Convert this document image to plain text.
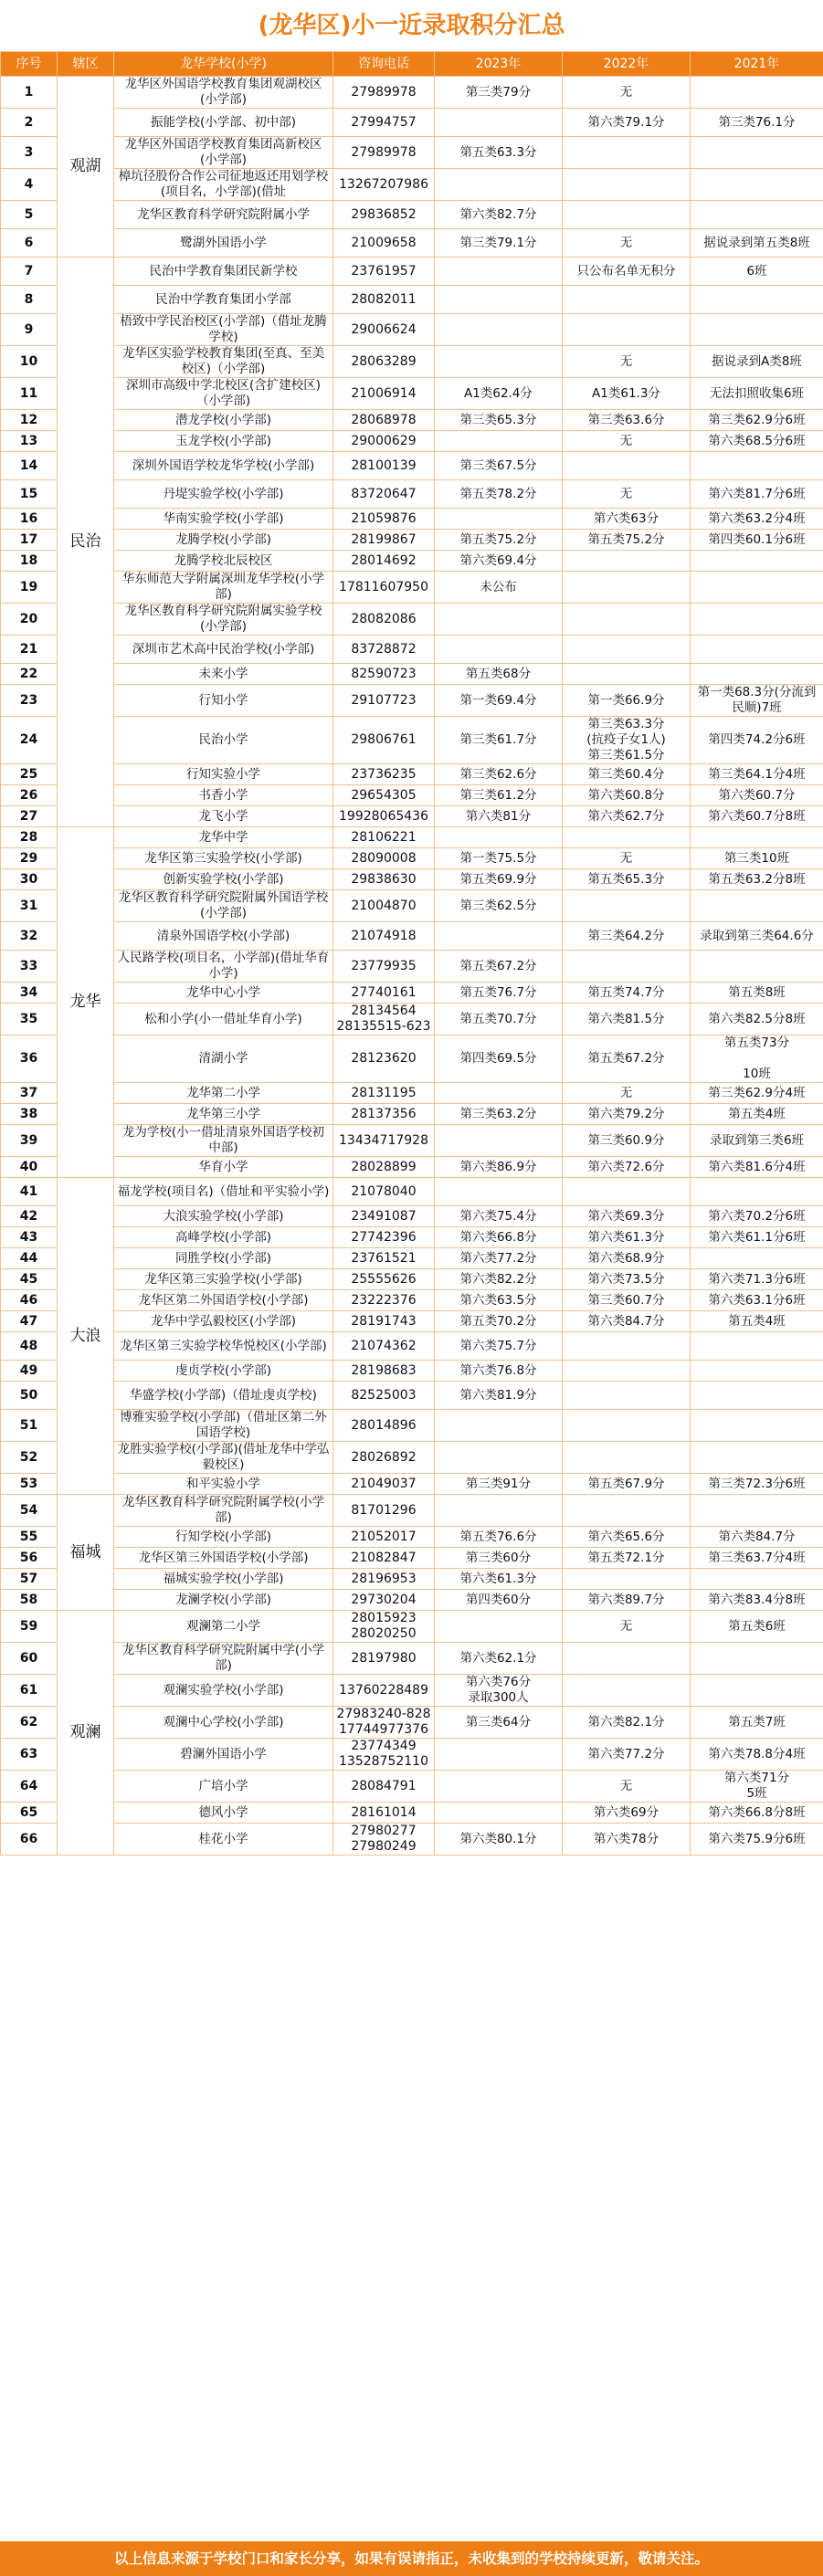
(龙华区)小一近录取积分汇总
序号	辖区	龙华学校(小学)	咨询电话	2023年	2022年	2021年
1	观湖	龙华区外国语学校教育集团观湖校区(小学部)	27989978	第三类79分	无	
2		振能学校(小学部、初中部)	27994757		第六类79.1分	第三类76.1分
3		龙华区外国语学校教育集团高新校区(小学部)	27989978	第五类63.3分		
4		樟坑径股份合作公司征地返还用划学校(项目名，小学部)(借址	13267207986			
5		龙华区教育科学研究院附属小学	29836852	第六类82.7分		
6		鹭湖外国语小学	21009658	第三类79.1分	无	据说录到第五类8班
7	民治	民治中学教育集团民新学校	23761957		只公布名单无积分	6班
8		民治中学教育集团小学部	28082011			
9		梧致中学民治校区(小学部)（借址龙腾学校)	29006624			
10		龙华区实验学校教育集团(至真、至美校区)（小学部)	28063289		无	据说录到A类8班
11		深圳市高级中学北校区(含扩建校区)（小学部)	21006914	A1类62.4分	A1类61.3分	无法扣照收集6班
12		潜龙学校(小学部)	28068978	第三类65.3分	第三类63.6分	第三类62.9分6班
13		玉龙学校(小学部)	29000629		无	第六类68.5分6班
14		深圳外国语学校龙华学校(小学部)	28100139	第三类67.5分		
15		丹堤实验学校(小学部)	83720647	第五类78.2分	无	第六类81.7分6班
16		华南实验学校(小学部)	21059876		第六类63分	第六类63.2分4班
17		龙腾学校(小学部)	28199867	第五类75.2分	第五类75.2分	第四类60.1分6班
18		龙腾学校北辰校区	28014692	第六类69.4分		
19		华东师范大学附属深圳龙华学校(小学部)	17811607950	未公布		
20		龙华区教育科学研究院附属实验学校(小学部)	28082086			
21		深圳市艺术高中民治学校(小学部)	83728872			
22		未来小学	82590723	第五类68分		
23		行知小学	29107723	第一类69.4分	第一类66.9分	第一类68.3分(分流到民顺)7班
24		民治小学	29806761	第三类61.7分	第三类63.3分
(抗疫子女1人)
第三类61.5分	第四类74.2分6班
25		行知实验小学	23736235	第三类62.6分	第三类60.4分	第三类64.1分4班
26		书香小学	29654305	第三类61.2分	第六类60.8分	第六类60.7分
27		龙飞小学	19928065436	第六类81分	第六类62.7分	第六类60.7分8班
28	龙华	龙华中学	28106221			
29		龙华区第三实验学校(小学部)	28090008	第一类75.5分	无	第三类10班
30		创新实验学校(小学部)	29838630	第五类69.9分	第五类65.3分	第五类63.2分8班
31		龙华区教育科学研究院附属外国语学校(小学部)	21004870	第三类62.5分		
32		清泉外国语学校(小学部)	21074918		第三类64.2分	录取到第三类64.6分
33		人民路学校(项目名，小学部)(借址华育小学)	23779935	第五类67.2分		
34		龙华中心小学	27740161	第五类76.7分	第五类74.7分	第五类8班
35		松和小学(小一借址华育小学)	28134564
28135515-623	第五类70.7分	第六类81.5分	第六类82.5分8班
36		清湖小学	28123620	第四类69.5分	第五类67.2分	第五类73分

10班
37		龙华第二小学	28131195		无	第三类62.9分4班
38		龙华第三小学	28137356	第三类63.2分	第六类79.2分	第五类4班
39		龙为学校(小一借址清泉外国语学校初中部)	13434717928		第三类60.9分	录取到第三类6班
40		华育小学	28028899	第六类86.9分	第六类72.6分	第六类81.6分4班
41	大浪	福龙学校(项目名)（借址和平实验小学)	21078040			
42		大浪实验学校(小学部)	23491087	第六类75.4分	第六类69.3分	第六类70.2分6班
43		高峰学校(小学部)	27742396	第六类66.8分	第六类61.3分	第六类61.1分6班
44		同胜学校(小学部)	23761521	第六类77.2分	第六类68.9分	
45		龙华区第三实验学校(小学部)	25555626	第六类82.2分	第六类73.5分	第六类71.3分6班
46		龙华区第二外国语学校(小学部)	23222376	第六类63.5分	第三类60.7分	第六类63.1分6班
47		龙华中学弘毅校区(小学部)	28191743	第五类70.2分	第六类84.7分	第五类4班
48		龙华区第三实验学校华悦校区(小学部)	21074362	第六类75.7分		
49		虔贞学校(小学部)	28198683	第六类76.8分		
50		华盛学校(小学部)（借址虔贞学校)	82525003	第六类81.9分		
51		博雅实验学校(小学部)（借址区第二外国语学校)	28014896			
52		龙胜实验学校(小学部)(借址龙华中学弘毅校区)	28026892			
53		和平实验小学	21049037	第三类91分	第五类67.9分	第三类72.3分6班
54	福城	龙华区教育科学研究院附属学校(小学部)	81701296			
55		行知学校(小学部)	21052017	第五类76.6分	第六类65.6分	第六类84.7分
56		龙华区第三外国语学校(小学部)	21082847	第三类60分	第五类72.1分	第三类63.7分4班
57		福城实验学校(小学部)	28196953	第六类61.3分		
58		龙澜学校(小学部)	29730204	第四类60分	第六类89.7分	第六类83.4分8班
59	观澜	观澜第二小学	28015923
28020250		无	第五类6班
60		龙华区教育科学研究院附属中学(小学部)	28197980	第六类62.1分		
61		观澜实验学校(小学部)	13760228489	第六类76分
录取300人		
62		观澜中心学校(小学部)	27983240-828
17744977376	第三类64分	第六类82.1分	第五类7班
63		碧澜外国语小学	23774349
13528752110		第六类77.2分	第六类78.8分4班
64		广培小学	28084791		无	第六类71分
5班
65		德风小学	28161014		第六类69分	第六类66.8分8班
66		桂花小学	27980277
27980249	第六类80.1分	第六类78分	第六类75.9分6班
以上信息来源于学校门口和家长分享，如果有误请指正，未收集到的学校持续更新，敬请关注。
